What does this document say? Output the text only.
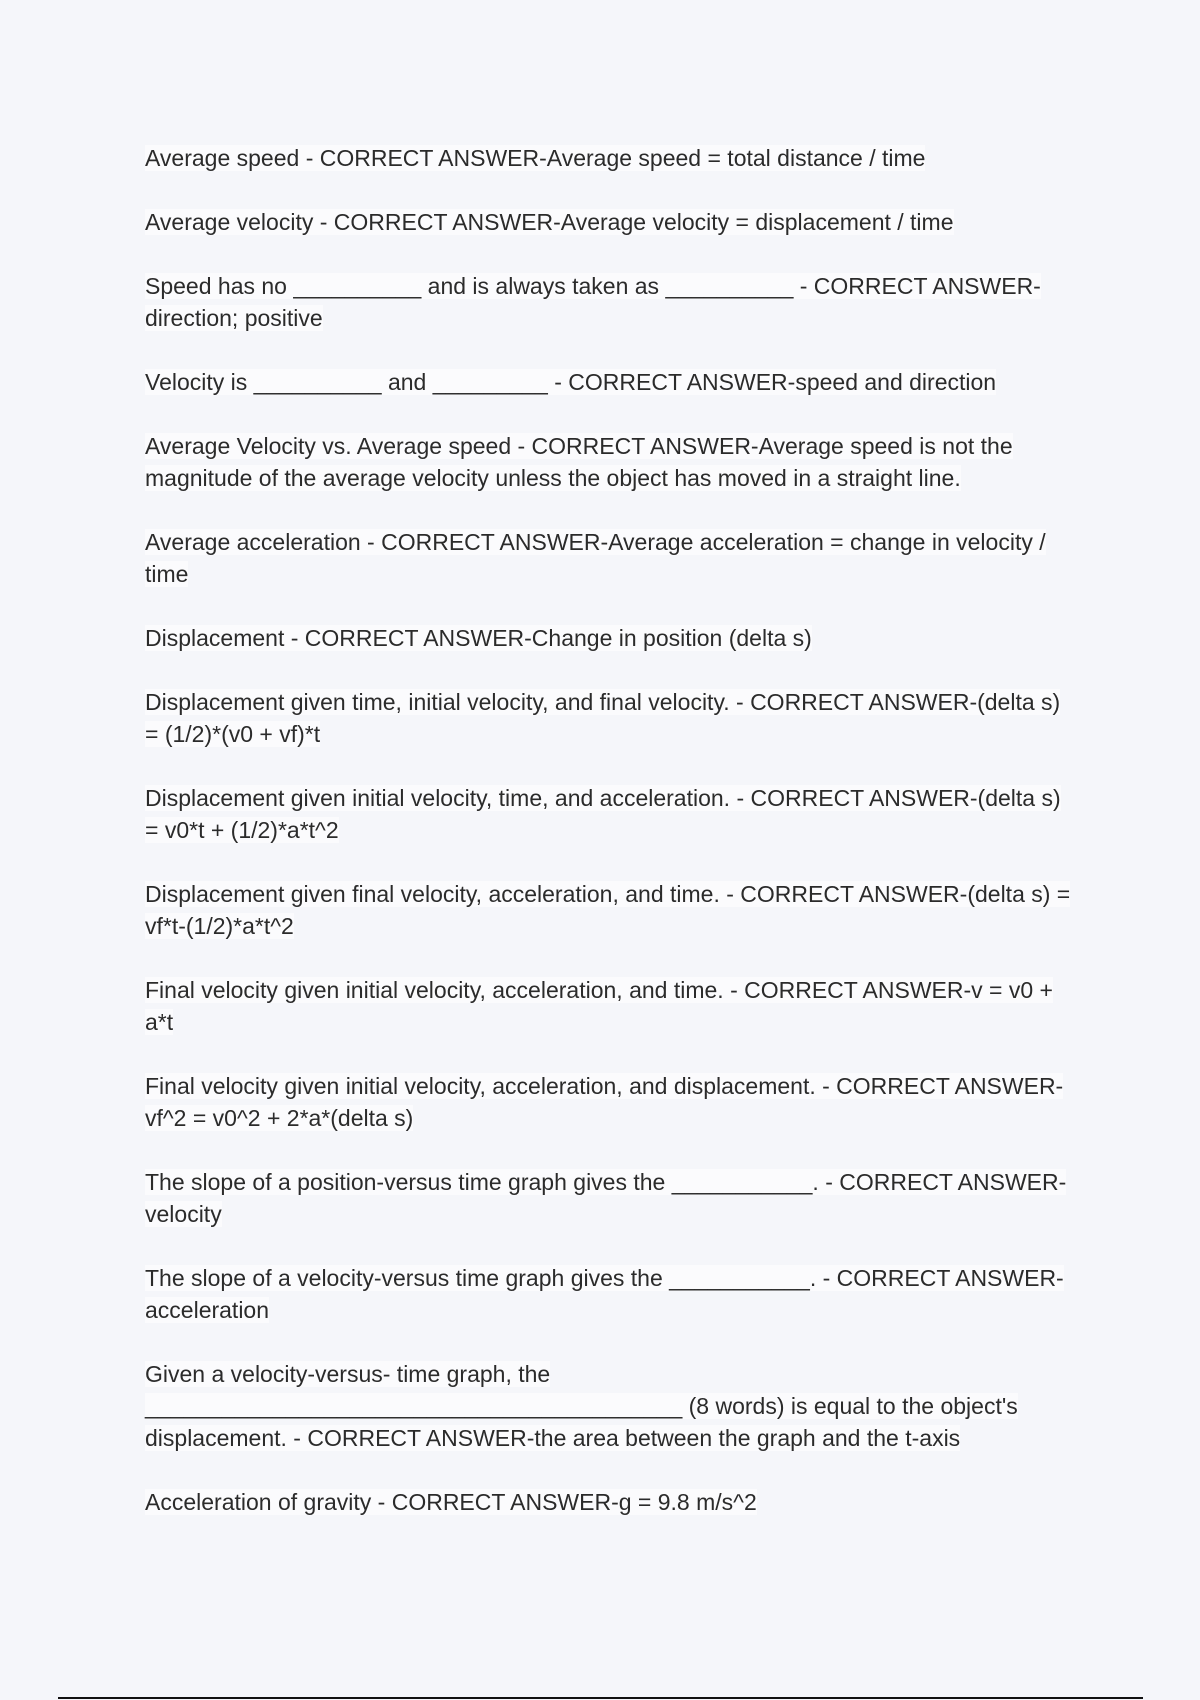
Average speed - CORRECT ANSWER-Average speed = total distance / time

Average velocity - CORRECT ANSWER-Average velocity = displacement / time

Speed has no __________ and is always taken as __________ - CORRECT ANSWER-direction; positive

Velocity is __________ and _________ - CORRECT ANSWER-speed and direction

Average Velocity vs. Average speed - CORRECT ANSWER-Average speed is not the magnitude of the average velocity unless the object has moved in a straight line.

Average acceleration - CORRECT ANSWER-Average acceleration = change in velocity / time

Displacement - CORRECT ANSWER-Change in position (delta s)

Displacement given time, initial velocity, and final velocity. - CORRECT ANSWER-(delta s) = (1/2)*(v0 + vf)*t

Displacement given initial velocity, time, and acceleration. - CORRECT ANSWER-(delta s) = v0*t + (1/2)*a*t^2

Displacement given final velocity, acceleration, and time. - CORRECT ANSWER-(delta s) = vf*t-(1/2)*a*t^2

Final velocity given initial velocity, acceleration, and time. - CORRECT ANSWER-v = v0 + a*t

Final velocity given initial velocity, acceleration, and displacement. - CORRECT ANSWER-vf^2 = v0^2 + 2*a*(delta s)

The slope of a position-versus time graph gives the ___________. - CORRECT ANSWER-velocity

The slope of a velocity-versus time graph gives the ___________. - CORRECT ANSWER-acceleration

Given a velocity-versus- time graph, the __________________________________________ (8 words) is equal to the object's displacement. - CORRECT ANSWER-the area between the graph and the t-axis

Acceleration of gravity - CORRECT ANSWER-g = 9.8 m/s^2
